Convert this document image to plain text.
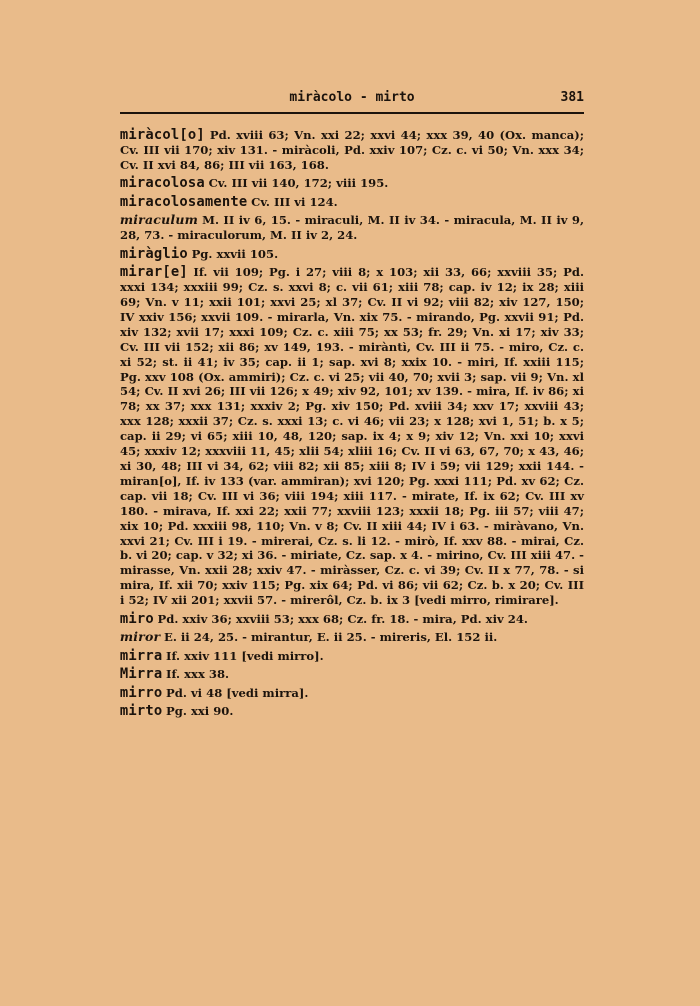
miràcolo - mirto	381

miràcol[o] Pd. xviii 63; Vn. xxi 22; xxvi 44; xxx 39, 40 (Ox. manca); Cv. III vii 170; xiv 131. - miràcoli, Pd. xxiv 107; Cz. c. vi 50; Vn. xxx 34; Cv. II xvi 84, 86; III vii 163, 168.

miracolosa Cv. III vii 140, 172; viii 195.

miracolosamente Cv. III vi 124.

miraculum M. II iv 6, 15. - miraculi, M. II iv 34. - miracula, M. II iv 9, 28, 73. - miraculorum, M. II iv 2, 24.

miràglio Pg. xxvii 105.

mirar[e] If. vii 109; Pg. i 27; viii 8; x 103; xii 33, 66; xxviii 35; Pd. xxxi 134; xxxiii 99; Cz. s. xxvi 8; c. vii 61; xiii 78; cap. iv 12; ix 28; xiii 69; Vn. v 11; xxii 101; xxvi 25; xl 37; Cv. II vi 92; viii 82; xiv 127, 150; IV xxiv 156; xxvii 109. - mirarla, Vn. xix 75. - mirando, Pg. xxvii 91; Pd. xiv 132; xvii 17; xxxi 109; Cz. c. xiii 75; xx 53; fr. 29; Vn. xi 17; xiv 33; Cv. III vii 152; xii 86; xv 149, 193. - miràntì, Cv. III ii 75. - miro, Cz. c. xi 52; st. ii 41; iv 35; cap. ii 1; sap. xvi 8; xxix 10. - miri, If. xxiii 115; Pg. xxv 108 (Ox. ammiri); Cz. c. vi 25; vii 40, 70; xvii 3; sap. vii 9; Vn. xl 54; Cv. II xvi 26; III vii 126; x 49; xiv 92, 101; xv 139. - mira, If. iv 86; xi 78; xx 37; xxx 131; xxxiv 2; Pg. xiv 150; Pd. xviii 34; xxv 17; xxviii 43; xxx 128; xxxii 37; Cz. s. xxxi 13; c. vi 46; vii 23; x 128; xvi 1, 51; b. x 5; cap. ii 29; vi 65; xiii 10, 48, 120; sap. ix 4; x 9; xiv 12; Vn. xxi 10; xxvi 45; xxxiv 12; xxxviii 11, 45; xlii 54; xliii 16; Cv. II vi 63, 67, 70; x 43, 46; xi 30, 48; III vi 34, 62; viii 82; xii 85; xiii 8; IV i 59; vii 129; xxii 144. - miran[o], If. iv 133 (var. ammiran); xvi 120; Pg. xxxi 111; Pd. xv 62; Cz. cap. vii 18; Cv. III vi 36; viii 194; xiii 117. - mirate, If. ix 62; Cv. III xv 180. - mirava, If. xxi 22; xxii 77; xxviii 123; xxxii 18; Pg. iii 57; viii 47; xix 10; Pd. xxxiii 98, 110; Vn. v 8; Cv. II xiii 44; IV i 63. - miràvano, Vn. xxvi 21; Cv. III i 19. - mirerai, Cz. s. li 12. - mirò, If. xxv 88. - mirai, Cz. b. vi 20; cap. v 32; xi 36. - miriate, Cz. sap. x 4. - mirino, Cv. III xiii 47. - mirasse, Vn. xxii 28; xxiv 47. - miràsser, Cz. c. vi 39; Cv. II x 77, 78. - si mira, If. xii 70; xxiv 115; Pg. xix 64; Pd. vi 86; vii 62; Cz. b. x 20; Cv. III i 52; IV xii 201; xxvii 57. - mirerôl, Cz. b. ix 3 [vedi mirro, rimirare].

miro Pd. xxiv 36; xxviii 53; xxx 68; Cz. fr. 18. - mira, Pd. xiv 24.

miror E. ii 24, 25. - mirantur, E. ii 25. - mireris, El. 152 ii.

mirra If. xxiv 111 [vedi mirro].

Mirra If. xxx 38.

mirro Pd. vi 48 [vedi mirra].

mirto Pg. xxi 90.
